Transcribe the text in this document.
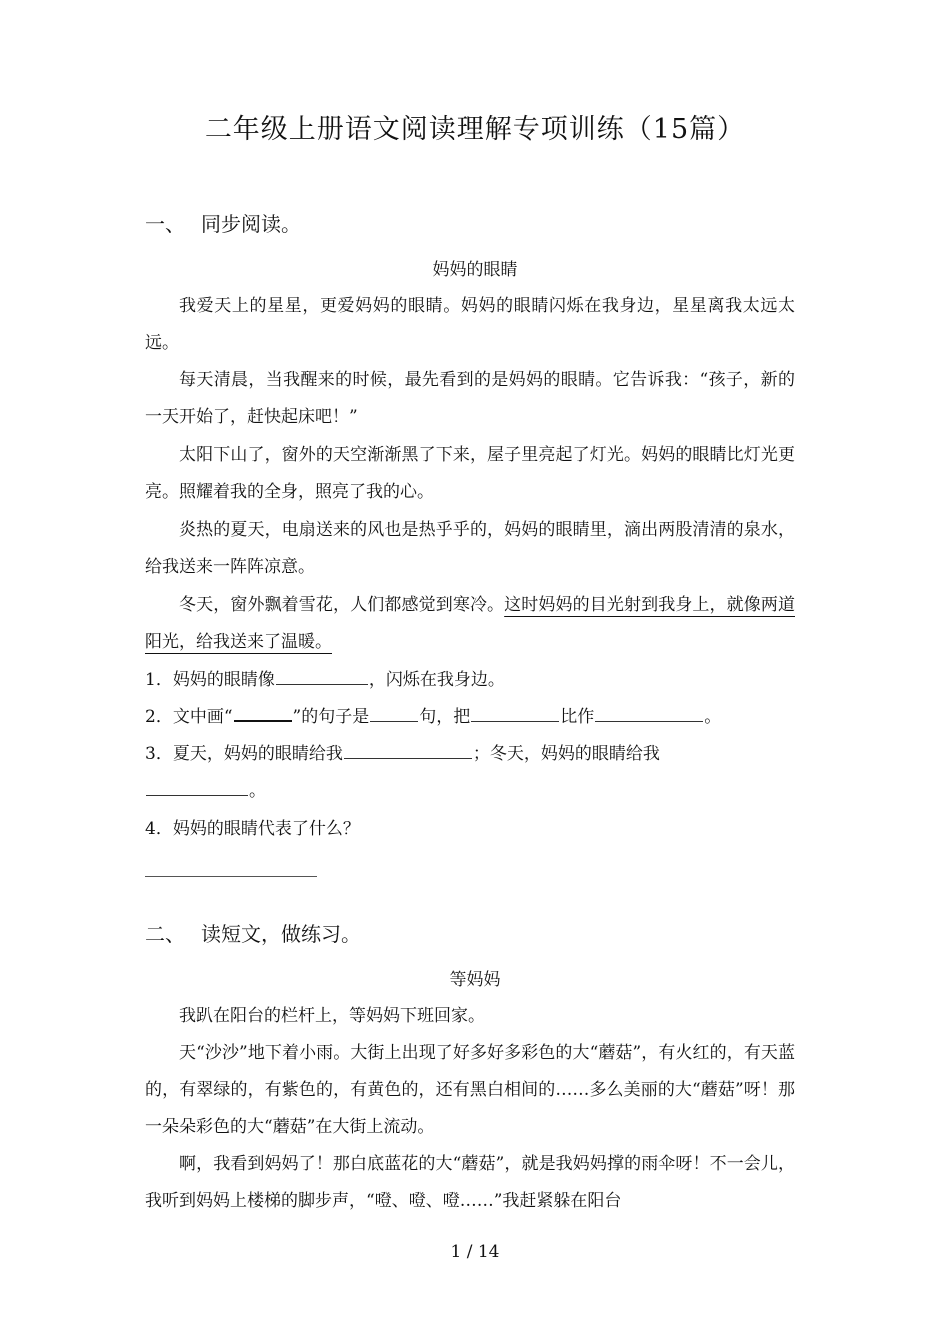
二年级上册语文阅读理解专项训练（15篇）
一、 同步阅读。
妈妈的眼睛
我爱天上的星星，更爱妈妈的眼睛。妈妈的眼睛闪烁在我身边，星星离我太远太远。
每天清晨，当我醒来的时候，最先看到的是妈妈的眼睛。它告诉我：“孩子，新的一天开始了，赶快起床吧！”
太阳下山了，窗外的天空渐渐黑了下来，屋子里亮起了灯光。妈妈的眼睛比灯光更亮。照耀着我的全身，照亮了我的心。
炎热的夏天，电扇送来的风也是热乎乎的，妈妈的眼睛里，滴出两股清清的泉水，给我送来一阵阵凉意。
冬天，窗外飘着雪花，人们都感觉到寒冷。这时妈妈的目光射到我身上，就像两道阳光，给我送来了温暖。
1．妈妈的眼睛像	，闪烁在我身边。
2．文中画“	”的句子是	句，把	比作	。
3．夏天，妈妈的眼睛给我	；冬天，妈妈的眼睛给我
。
4．妈妈的眼睛代表了什么？
二、 读短文，做练习。
等妈妈
我趴在阳台的栏杆上，等妈妈下班回家。
天“沙沙”地下着小雨。大街上出现了好多好多彩色的大“蘑菇”，有火红的，有天蓝的，有翠绿的，有紫色的，有黄色的，还有黑白相间的……多么美丽的大“蘑菇”呀！那一朵朵彩色的大“蘑菇”在大街上流动。
啊，我看到妈妈了！那白底蓝花的大“蘑菇”，就是我妈妈撑的雨伞呀！不一会儿，我听到妈妈上楼梯的脚步声，“噔、噔、噔……”我赶紧躲在阳台
1 / 14
